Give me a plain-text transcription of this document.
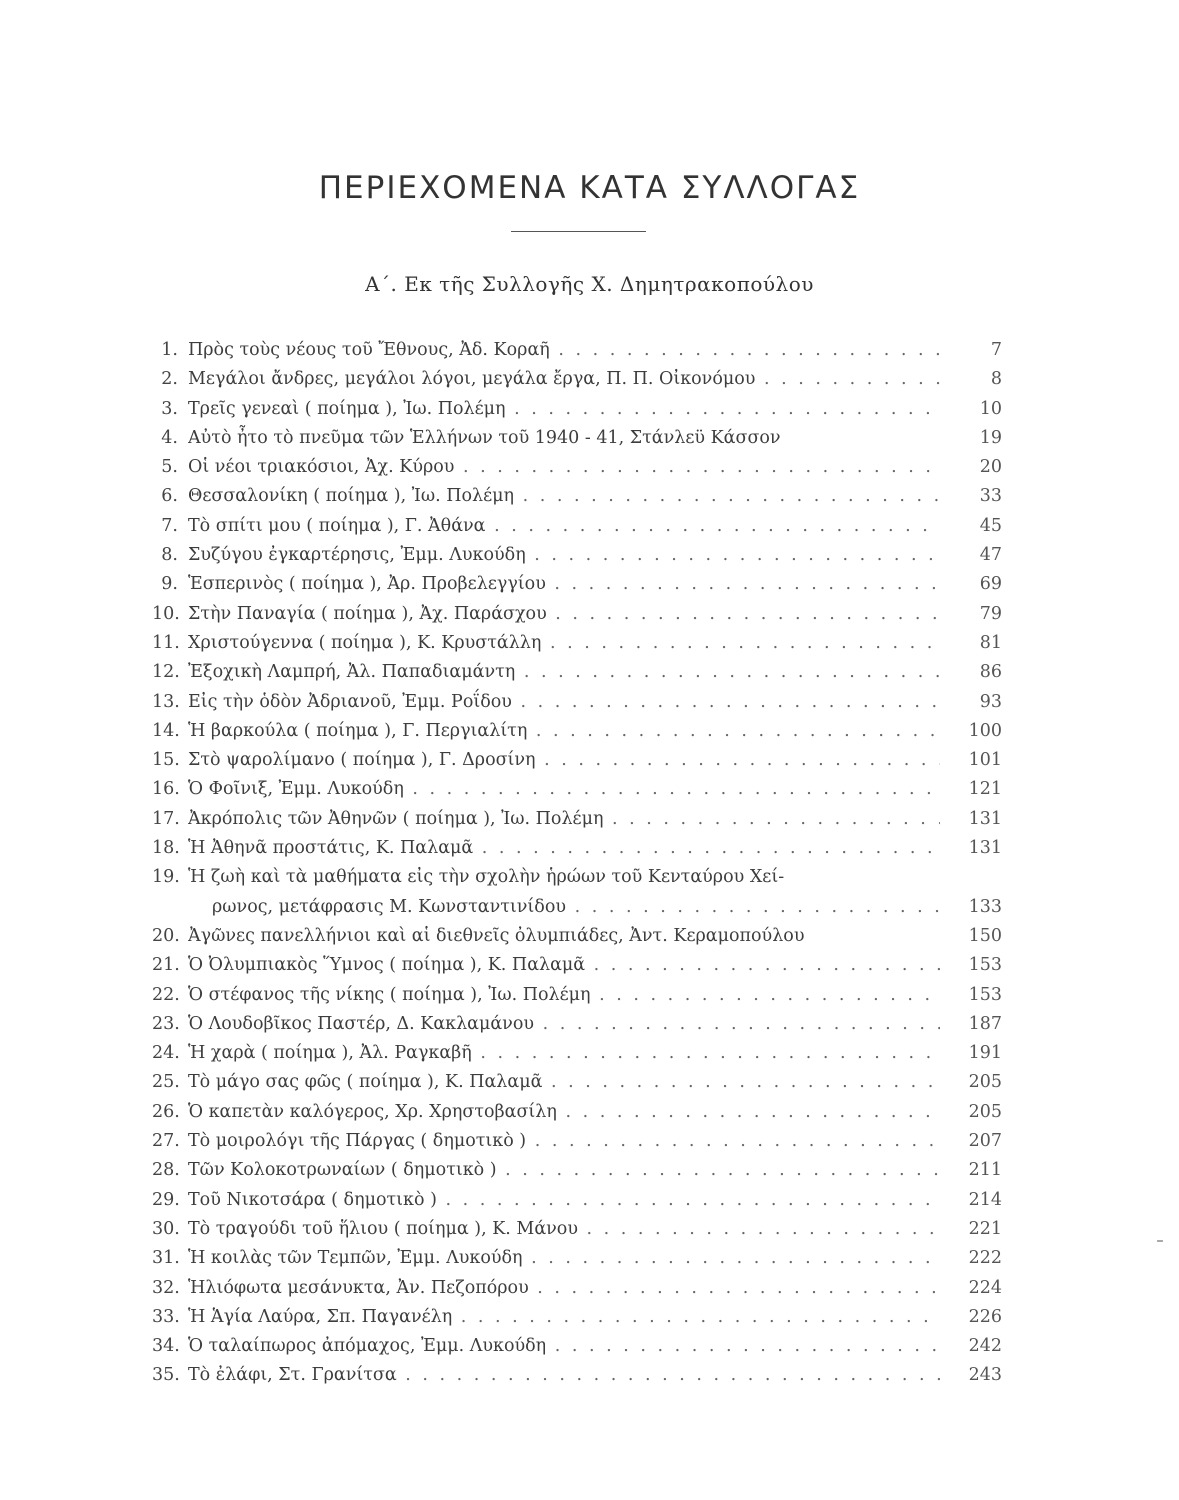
ΠΕΡΙΕΧΟΜΕΝΑ ΚΑΤΑ ΣΥΛΛΟΓΑΣ
Α΄. Εκ τῆς Συλλογῆς Χ. Δημητρακοπούλου
1. Πρὸς τοὺς νέους τοῦ Ἔθνους, Ἀδ. Κοραῆ . . .	7
2. Μεγάλοι ἄνδρες, μεγάλοι λόγοι, μεγάλα ἔργα, Π. Π. Οἰκονόμου . . .	8
3. Τρεῖς γενεαὶ ( ποίημα ), Ἰω. Πολέμη . . .	10
4. Αὐτὸ ἦτο τὸ πνεῦμα τῶν Ἑλλήνων τοῦ 1940 - 41, Στάνλεϋ Κάσσον	19
5. Οἱ νέοι τριακόσιοι, Ἀχ. Κύρου . . .	20
6. Θεσσαλονίκη ( ποίημα ), Ἰω. Πολέμη . . .	33
7. Τὸ σπίτι μου ( ποίημα ), Γ. Ἀθάνα . . .	45
8. Συζύγου ἐγκαρτέρησις, Ἐμμ. Λυκούδη . . .	47
9. Ἑσπερινὸς ( ποίημα ), Ἀρ. Προβελεγγίου . . .	69
10. Στὴν Παναγία ( ποίημα ), Ἀχ. Παράσχου . . .	79
11. Χριστούγεννα ( ποίημα ), Κ. Κρυστάλλη . . .	81
12. Ἐξοχικὴ Λαμπρή, Ἀλ. Παπαδιαμάντη . . .	86
13. Εἰς τὴν ὁδὸν Ἀδριανοῦ, Ἐμμ. Ροΐδου . . .	93
14. Ἡ βαρκούλα ( ποίημα ), Γ. Περγιαλίτη . . .	100
15. Στὸ ψαρολίμανο ( ποίημα ), Γ. Δροσίνη . . .	101
16. Ὁ Φοῖνιξ, Ἐμμ. Λυκούδη . . .	121
17. Ἀκρόπολις τῶν Ἀθηνῶν ( ποίημα ), Ἰω. Πολέμη . . .	131
18. Ἡ Ἀθηνᾶ προστάτις, Κ. Παλαμᾶ . . .	131
19. Ἡ ζωὴ καὶ τὰ μαθήματα εἰς τὴν σχολὴν ἡρώων τοῦ Κενταύρου Χεί-
ρωνος, μετάφρασις Μ. Κωνσταντινίδου . . .	133
20. Ἀγῶνες πανελλήνιοι καὶ αἱ διεθνεῖς ὀλυμπιάδες, Ἀντ. Κεραμοπούλου	150
21. Ὁ Ὀλυμπιακὸς Ὕμνος ( ποίημα ), Κ. Παλαμᾶ . . .	153
22. Ὁ στέφανος τῆς νίκης ( ποίημα ), Ἰω. Πολέμη . . .	153
23. Ὁ Λουδοβῖκος Παστέρ, Δ. Κακλαμάνου . . .	187
24. Ἡ χαρὰ ( ποίημα ), Ἀλ. Ραγκαβῆ . . .	191
25. Τὸ μάγο σας φῶς ( ποίημα ), Κ. Παλαμᾶ . . .	205
26. Ὁ καπετὰν καλόγερος, Χρ. Χρηστοβασίλη . . .	205
27. Τὸ μοιρολόγι τῆς Πάργας ( δημοτικὸ ) . . .	207
28. Τῶν Κολοκοτρωναίων ( δημοτικὸ ) . . .	211
29. Τοῦ Νικοτσάρα ( δημοτικὸ ) . . .	214
30. Τὸ τραγούδι τοῦ ἥλιου ( ποίημα ), Κ. Μάνου . . .	221
31. Ἡ κοιλὰς τῶν Τεμπῶν, Ἐμμ. Λυκούδη . . .	222
32. Ἡλιόφωτα μεσάνυκτα, Ἀν. Πεζοπόρου . . .	224
33. Ἡ Ἁγία Λαύρα, Σπ. Παγανέλη . . .	226
34. Ὁ ταλαίπωρος ἀπόμαχος, Ἐμμ. Λυκούδη . . .	242
35. Τὸ ἐλάφι, Στ. Γρανίτσα . . .	243
